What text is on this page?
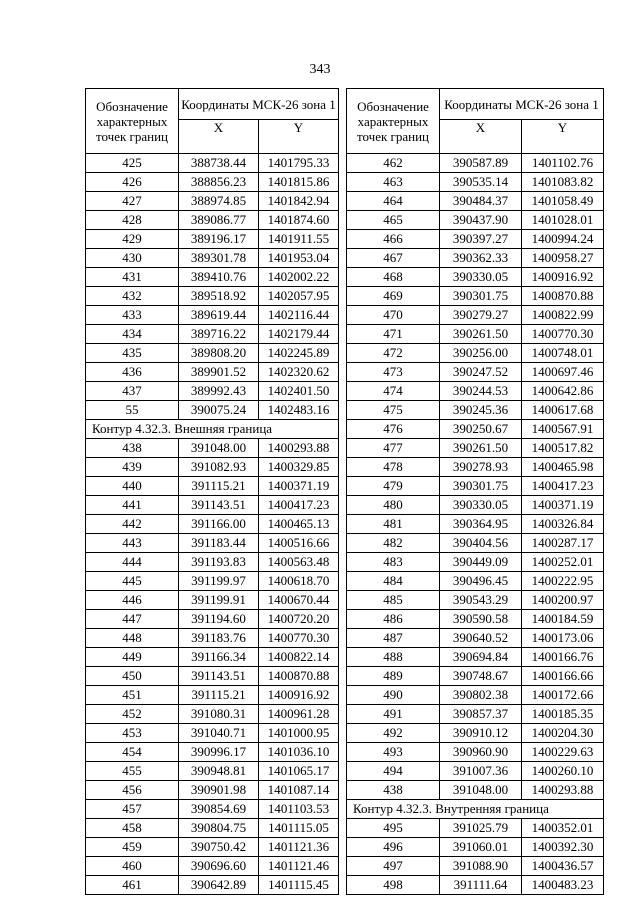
343
Обозначение характерных точек границ	Координаты МСК-26 зона 1	
	X	Y
425	388738.44	1401795.33
426	388856.23	1401815.86
427	388974.85	1401842.94
428	389086.77	1401874.60
429	389196.17	1401911.55
430	389301.78	1401953.04
431	389410.76	1402002.22
432	389518.92	1402057.95
433	389619.44	1402116.44
434	389716.22	1402179.44
435	389808.20	1402245.89
436	389901.52	1402320.62
437	389992.43	1402401.50
55	390075.24	1402483.16
Контур 4.32.3. Внешняя граница		
438	391048.00	1400293.88
439	391082.93	1400329.85
440	391115.21	1400371.19
441	391143.51	1400417.23
442	391166.00	1400465.13
443	391183.44	1400516.66
444	391193.83	1400563.48
445	391199.97	1400618.70
446	391199.91	1400670.44
447	391194.60	1400720.20
448	391183.76	1400770.30
449	391166.34	1400822.14
450	391143.51	1400870.88
451	391115.21	1400916.92
452	391080.31	1400961.28
453	391040.71	1401000.95
454	390996.17	1401036.10
455	390948.81	1401065.17
456	390901.98	1401087.14
457	390854.69	1401103.53
458	390804.75	1401115.05
459	390750.42	1401121.36
460	390696.60	1401121.46
461	390642.89	1401115.45
Обозначение характерных точек границ	Координаты МСК-26 зона 1	
	X	Y
462	390587.89	1401102.76
463	390535.14	1401083.82
464	390484.37	1401058.49
465	390437.90	1401028.01
466	390397.27	1400994.24
467	390362.33	1400958.27
468	390330.05	1400916.92
469	390301.75	1400870.88
470	390279.27	1400822.99
471	390261.50	1400770.30
472	390256.00	1400748.01
473	390247.52	1400697.46
474	390244.53	1400642.86
475	390245.36	1400617.68
476	390250.67	1400567.91
477	390261.50	1400517.82
478	390278.93	1400465.98
479	390301.75	1400417.23
480	390330.05	1400371.19
481	390364.95	1400326.84
482	390404.56	1400287.17
483	390449.09	1400252.01
484	390496.45	1400222.95
485	390543.29	1400200.97
486	390590.58	1400184.59
487	390640.52	1400173.06
488	390694.84	1400166.76
489	390748.67	1400166.66
490	390802.38	1400172.66
491	390857.37	1400185.35
492	390910.12	1400204.30
493	390960.90	1400229.63
494	391007.36	1400260.10
438	391048.00	1400293.88
Контур 4.32.3. Внутренняя граница		
495	391025.79	1400352.01
496	391060.01	1400392.30
497	391088.90	1400436.57
498	391111.64	1400483.23
